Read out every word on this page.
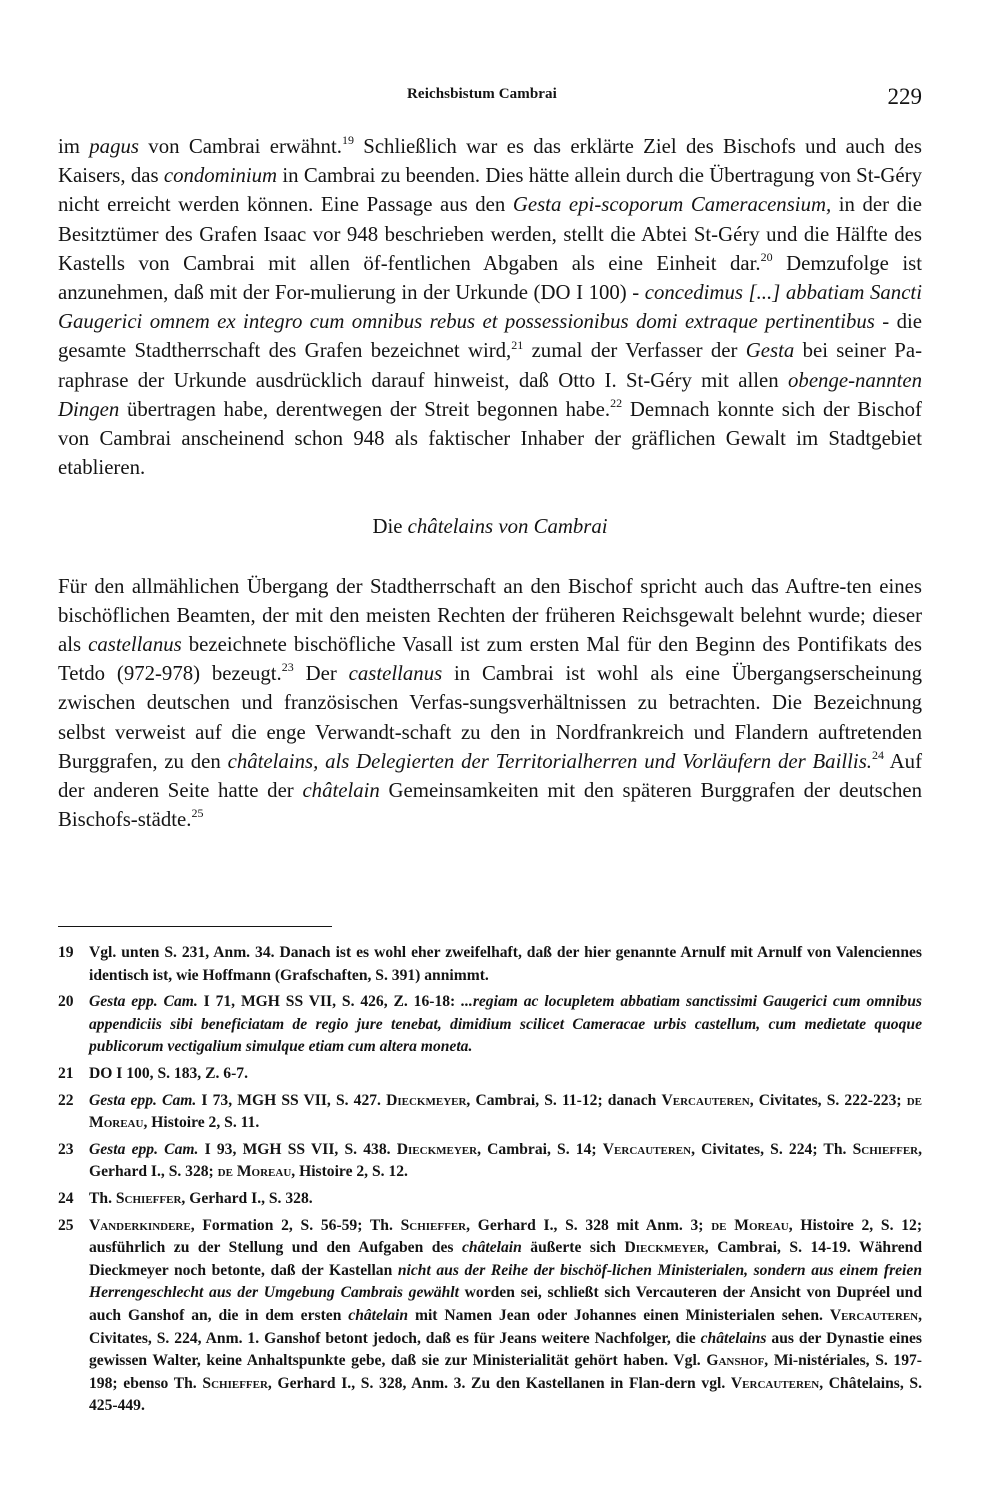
Reichsbistum Cambrai	229

im pagus von Cambrai erwähnt.$^{19}$ Schließlich war es das erklärte Ziel des Bischofs und auch des Kaisers, das condominium in Cambrai zu beenden. Dies hätte allein durch die Übertragung von St-Géry nicht erreicht werden können. Eine Passage aus den Gesta epi-scoporum Cameracensium, in der die Besitztümer des Grafen Isaac vor 948 beschrieben werden, stellt die Abtei St-Géry und die Hälfte des Kastells von Cambrai mit allen öf-fentlichen Abgaben als eine Einheit dar.$^{20}$ Demzufolge ist anzunehmen, daß mit der For-mulierung in der Urkunde (DO I 100) - concedimus [...] abbatiam Sancti Gaugerici omnem ex integro cum omnibus rebus et possessionibus domi extraque pertinentibus - die gesamte Stadtherrschaft des Grafen bezeichnet wird,$^{21}$ zumal der Verfasser der Gesta bei seiner Pa-raphrase der Urkunde ausdrücklich darauf hinweist, daß Otto I. St-Géry mit allen obenge-nannten Dingen übertragen habe, derentwegen der Streit begonnen habe.$^{22}$ Demnach konnte sich der Bischof von Cambrai anscheinend schon 948 als faktischer Inhaber der gräflichen Gewalt im Stadtgebiet etablieren.

Die châtelains von Cambrai

Für den allmählichen Übergang der Stadtherrschaft an den Bischof spricht auch das Auftre-ten eines bischöflichen Beamten, der mit den meisten Rechten der früheren Reichsgewalt belehnt wurde; dieser als castellanus bezeichnete bischöfliche Vasall ist zum ersten Mal für den Beginn des Pontifikats des Tetdo (972-978) bezeugt.$^{23}$ Der castellanus in Cambrai ist wohl als eine Übergangserscheinung zwischen deutschen und französischen Verfas-sungsverhältnissen zu betrachten. Die Bezeichnung selbst verweist auf die enge Verwandt-schaft zu den in Nordfrankreich und Flandern auftretenden Burggrafen, zu den châtelains, als Delegierten der Territorialherren und Vorläufern der Baillis.$^{24}$ Auf der anderen Seite hatte der châtelain Gemeinsamkeiten mit den späteren Burggrafen der deutschen Bischofs-städte.$^{25}$

19 Vgl. unten S. 231, Anm. 34. Danach ist es wohl eher zweifelhaft, daß der hier genannte Arnulf mit Arnulf von Valenciennes identisch ist, wie Hoffmann (Grafschaften, S. 391) annimmt.
20 Gesta epp. Cam. I 71, MGH SS VII, S. 426, Z. 16-18: ...regiam ac locupletem abbatiam sanctissimi Gaugerici cum omnibus appendiciis sibi beneficiatam de regio jure tenebat, dimidium scilicet Cameracae urbis castellum, cum medietate quoque publicorum vectigalium simulque etiam cum altera moneta.
21 DO I 100, S. 183, Z. 6-7.
22 Gesta epp. Cam. I 73, MGH SS VII, S. 427. Dieckmeyer, Cambrai, S. 11-12; danach Vercauteren, Civitates, S. 222-223; de Moreau, Histoire 2, S. 11.
23 Gesta epp. Cam. I 93, MGH SS VII, S. 438. Dieckmeyer, Cambrai, S. 14; Vercauteren, Civitates, S. 224; Th. Schieffer, Gerhard I., S. 328; de Moreau, Histoire 2, S. 12.
24 Th. Schieffer, Gerhard I., S. 328.
25 Vanderkindere, Formation 2, S. 56-59; Th. Schieffer, Gerhard I., S. 328 mit Anm. 3; de Moreau, Histoire 2, S. 12; ausführlich zu der Stellung und den Aufgaben des châtelain äußerte sich Dieckmeyer, Cambrai, S. 14-19. Während Dieckmeyer noch betonte, daß der Kastellan nicht aus der Reihe der bischöf-lichen Ministerialen, sondern aus einem freien Herrengeschlecht aus der Umgebung Cambrais gewählt worden sei, schließt sich Vercauteren der Ansicht von Dupréel und auch Ganshof an, die in dem ersten châtelain mit Namen Jean oder Johannes einen Ministerialen sehen. Vercauteren, Civitates, S. 224, Anm. 1. Ganshof betont jedoch, daß es für Jeans weitere Nachfolger, die châtelains aus der Dynastie eines gewissen Walter, keine Anhaltspunkte gebe, daß sie zur Ministerialität gehört haben. Vgl. Ganshof, Mi-nistériales, S. 197-198; ebenso Th. Schieffer, Gerhard I., S. 328, Anm. 3. Zu den Kastellanen in Flan-dern vgl. Vercauteren, Châtelains, S. 425-449.
